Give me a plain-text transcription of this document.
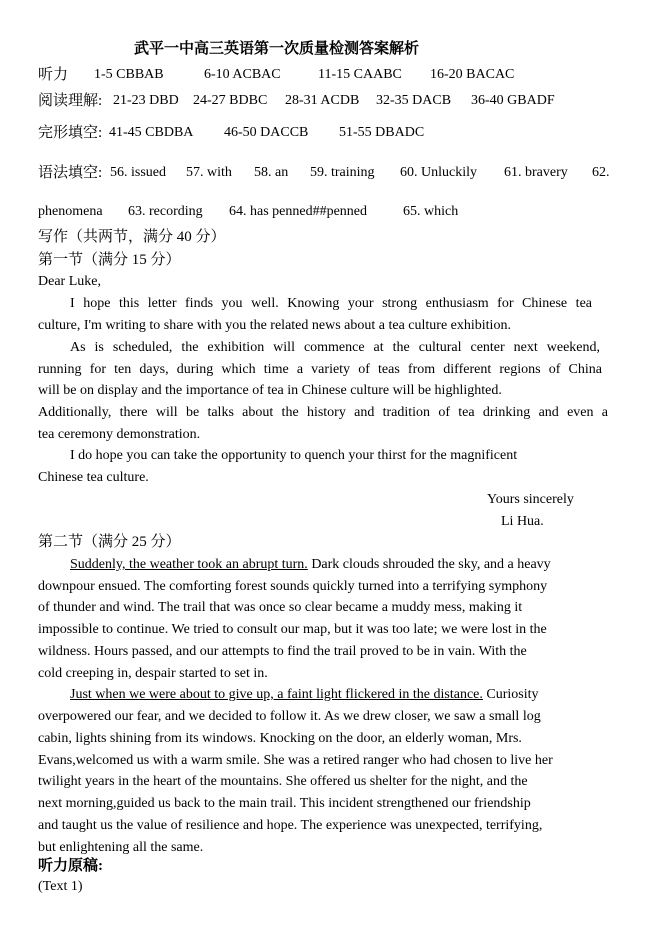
武平一中高三英语第一次质量检测答案解析
听力 1-5 CBBAB	6-10 ACBAC	11-15 CAABC 16-20 BACAC
阅读理解: 21-23 DBD 24-27 BDBC 28-31 ACDB 32-35 DACB 36-40 GBADF
完形填空: 41-45 CBDBA 46-50 DACCB 51-55 DBADC
语法填空: 56. issued 57. with 58. an 59. training 60. Unluckily 61. bravery 62.
phenomena 63. recording 64. has penned##penned	65. which
写作（共两节，满分 40 分）
第一节（满分 15 分）
Dear Luke,
I hope this letter finds you well. Knowing your strong enthusiasm for Chinese tea
culture, I'm writing to share with you the related news about a tea culture exhibition.
As is scheduled, the exhibition will commence at the cultural center next weekend,
running for ten days, during which time a variety of teas from different regions of China
will be on display and the importance of tea in Chinese culture will be highlighted.
Additionally, there will be talks about the history and tradition of tea drinking and even a
tea ceremony demonstration.
I do hope you can take the opportunity to quench your thirst for the magnificent
Chinese tea culture.
Yours sincerely
Li Hua.
第二节（满分 25 分）
Suddenly, the weather took an abrupt turn. Dark clouds shrouded the sky, and a heavy
downpour ensued. The comforting forest sounds quickly turned into a terrifying symphony
of thunder and wind. The trail that was once so clear became a muddy mess, making it
impossible to continue. We tried to consult our map, but it was too late; we were lost in the
wildness. Hours passed, and our attempts to find the trail proved to be in vain. With the
cold creeping in, despair started to set in.
Just when we were about to give up, a faint light flickered in the distance. Curiosity
overpowered our fear, and we decided to follow it. As we drew closer, we saw a small log
cabin, lights shining from its windows. Knocking on the door, an elderly woman, Mrs.
Evans,welcomed us with a warm smile. She was a retired ranger who had chosen to live her
twilight years in the heart of the mountains. She offered us shelter for the night, and the
next morning,guided us back to the main trail. This incident strengthened our friendship
and taught us the value of resilience and hope. The experience was unexpected, terrifying,
but enlightening all the same.
听力原稿:
(Text 1)
